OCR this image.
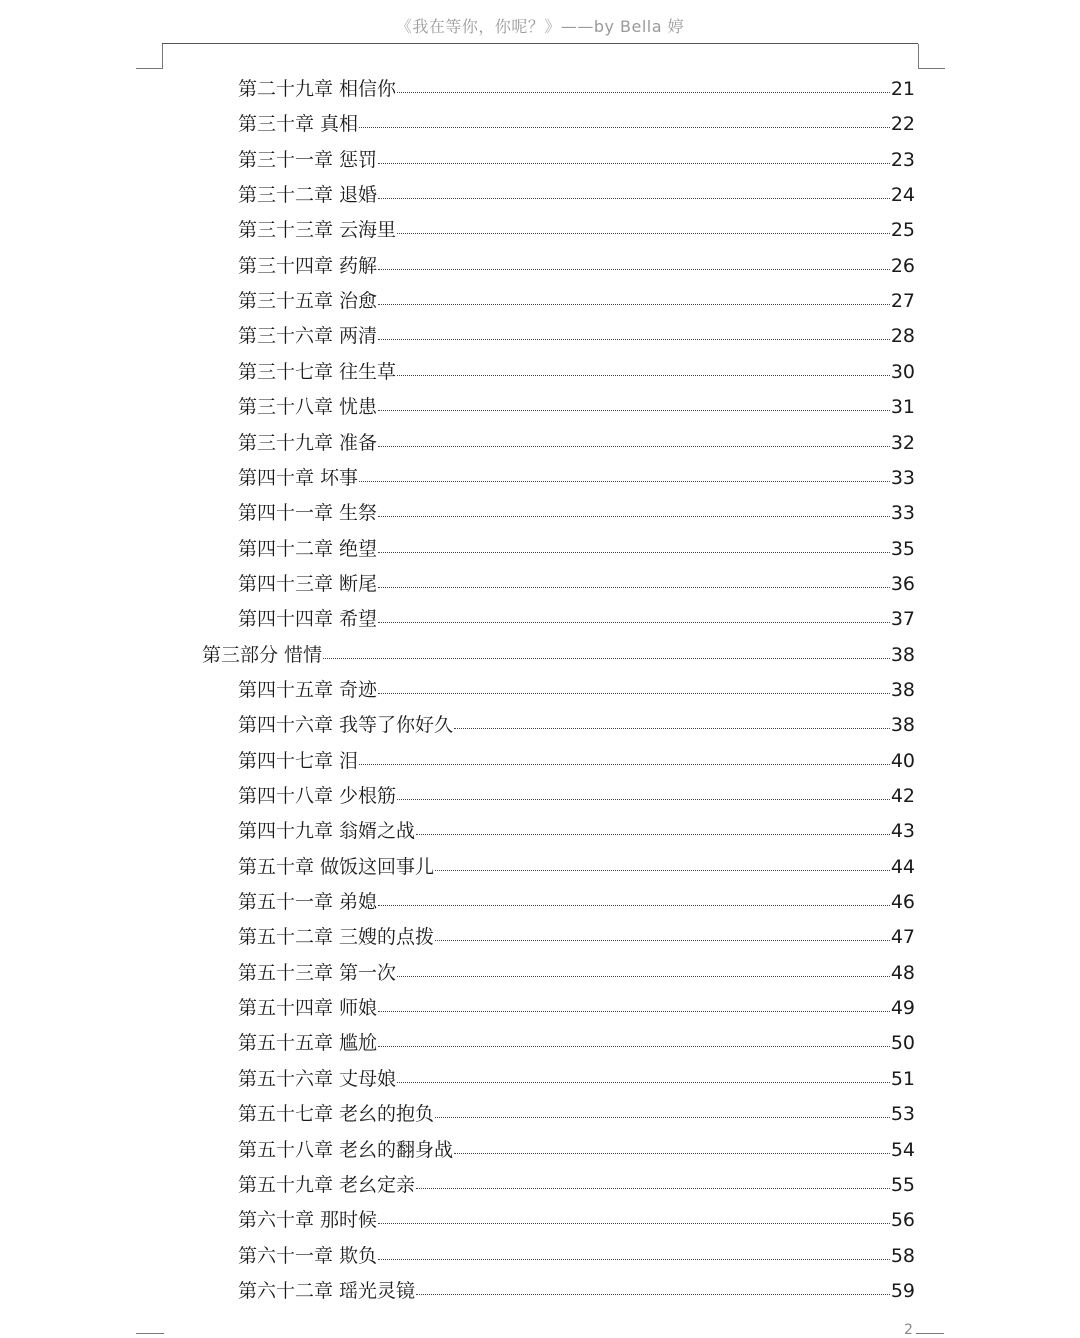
《我在等你，你呢？》——by Bella 婷
2
第二十九章 相信你	21
第三十章 真相	22
第三十一章 惩罚	23
第三十二章 退婚	24
第三十三章 云海里	25
第三十四章 药解	26
第三十五章 治愈	27
第三十六章 两清	28
第三十七章 往生草	30
第三十八章 忧患	31
第三十九章 准备	32
第四十章 坏事	33
第四十一章 生祭	33
第四十二章 绝望	35
第四十三章 断尾	36
第四十四章 希望	37
第三部分 惜情	38
第四十五章 奇迹	38
第四十六章 我等了你好久	38
第四十七章 泪	40
第四十八章 少根筋	42
第四十九章 翁婿之战	43
第五十章 做饭这回事儿	44
第五十一章 弟媳	46
第五十二章 三嫂的点拨	47
第五十三章 第一次	48
第五十四章 师娘	49
第五十五章 尴尬	50
第五十六章 丈母娘	51
第五十七章 老幺的抱负	53
第五十八章 老幺的翻身战	54
第五十九章 老幺定亲	55
第六十章 那时候	56
第六十一章 欺负	58
第六十二章 瑶光灵镜	59
